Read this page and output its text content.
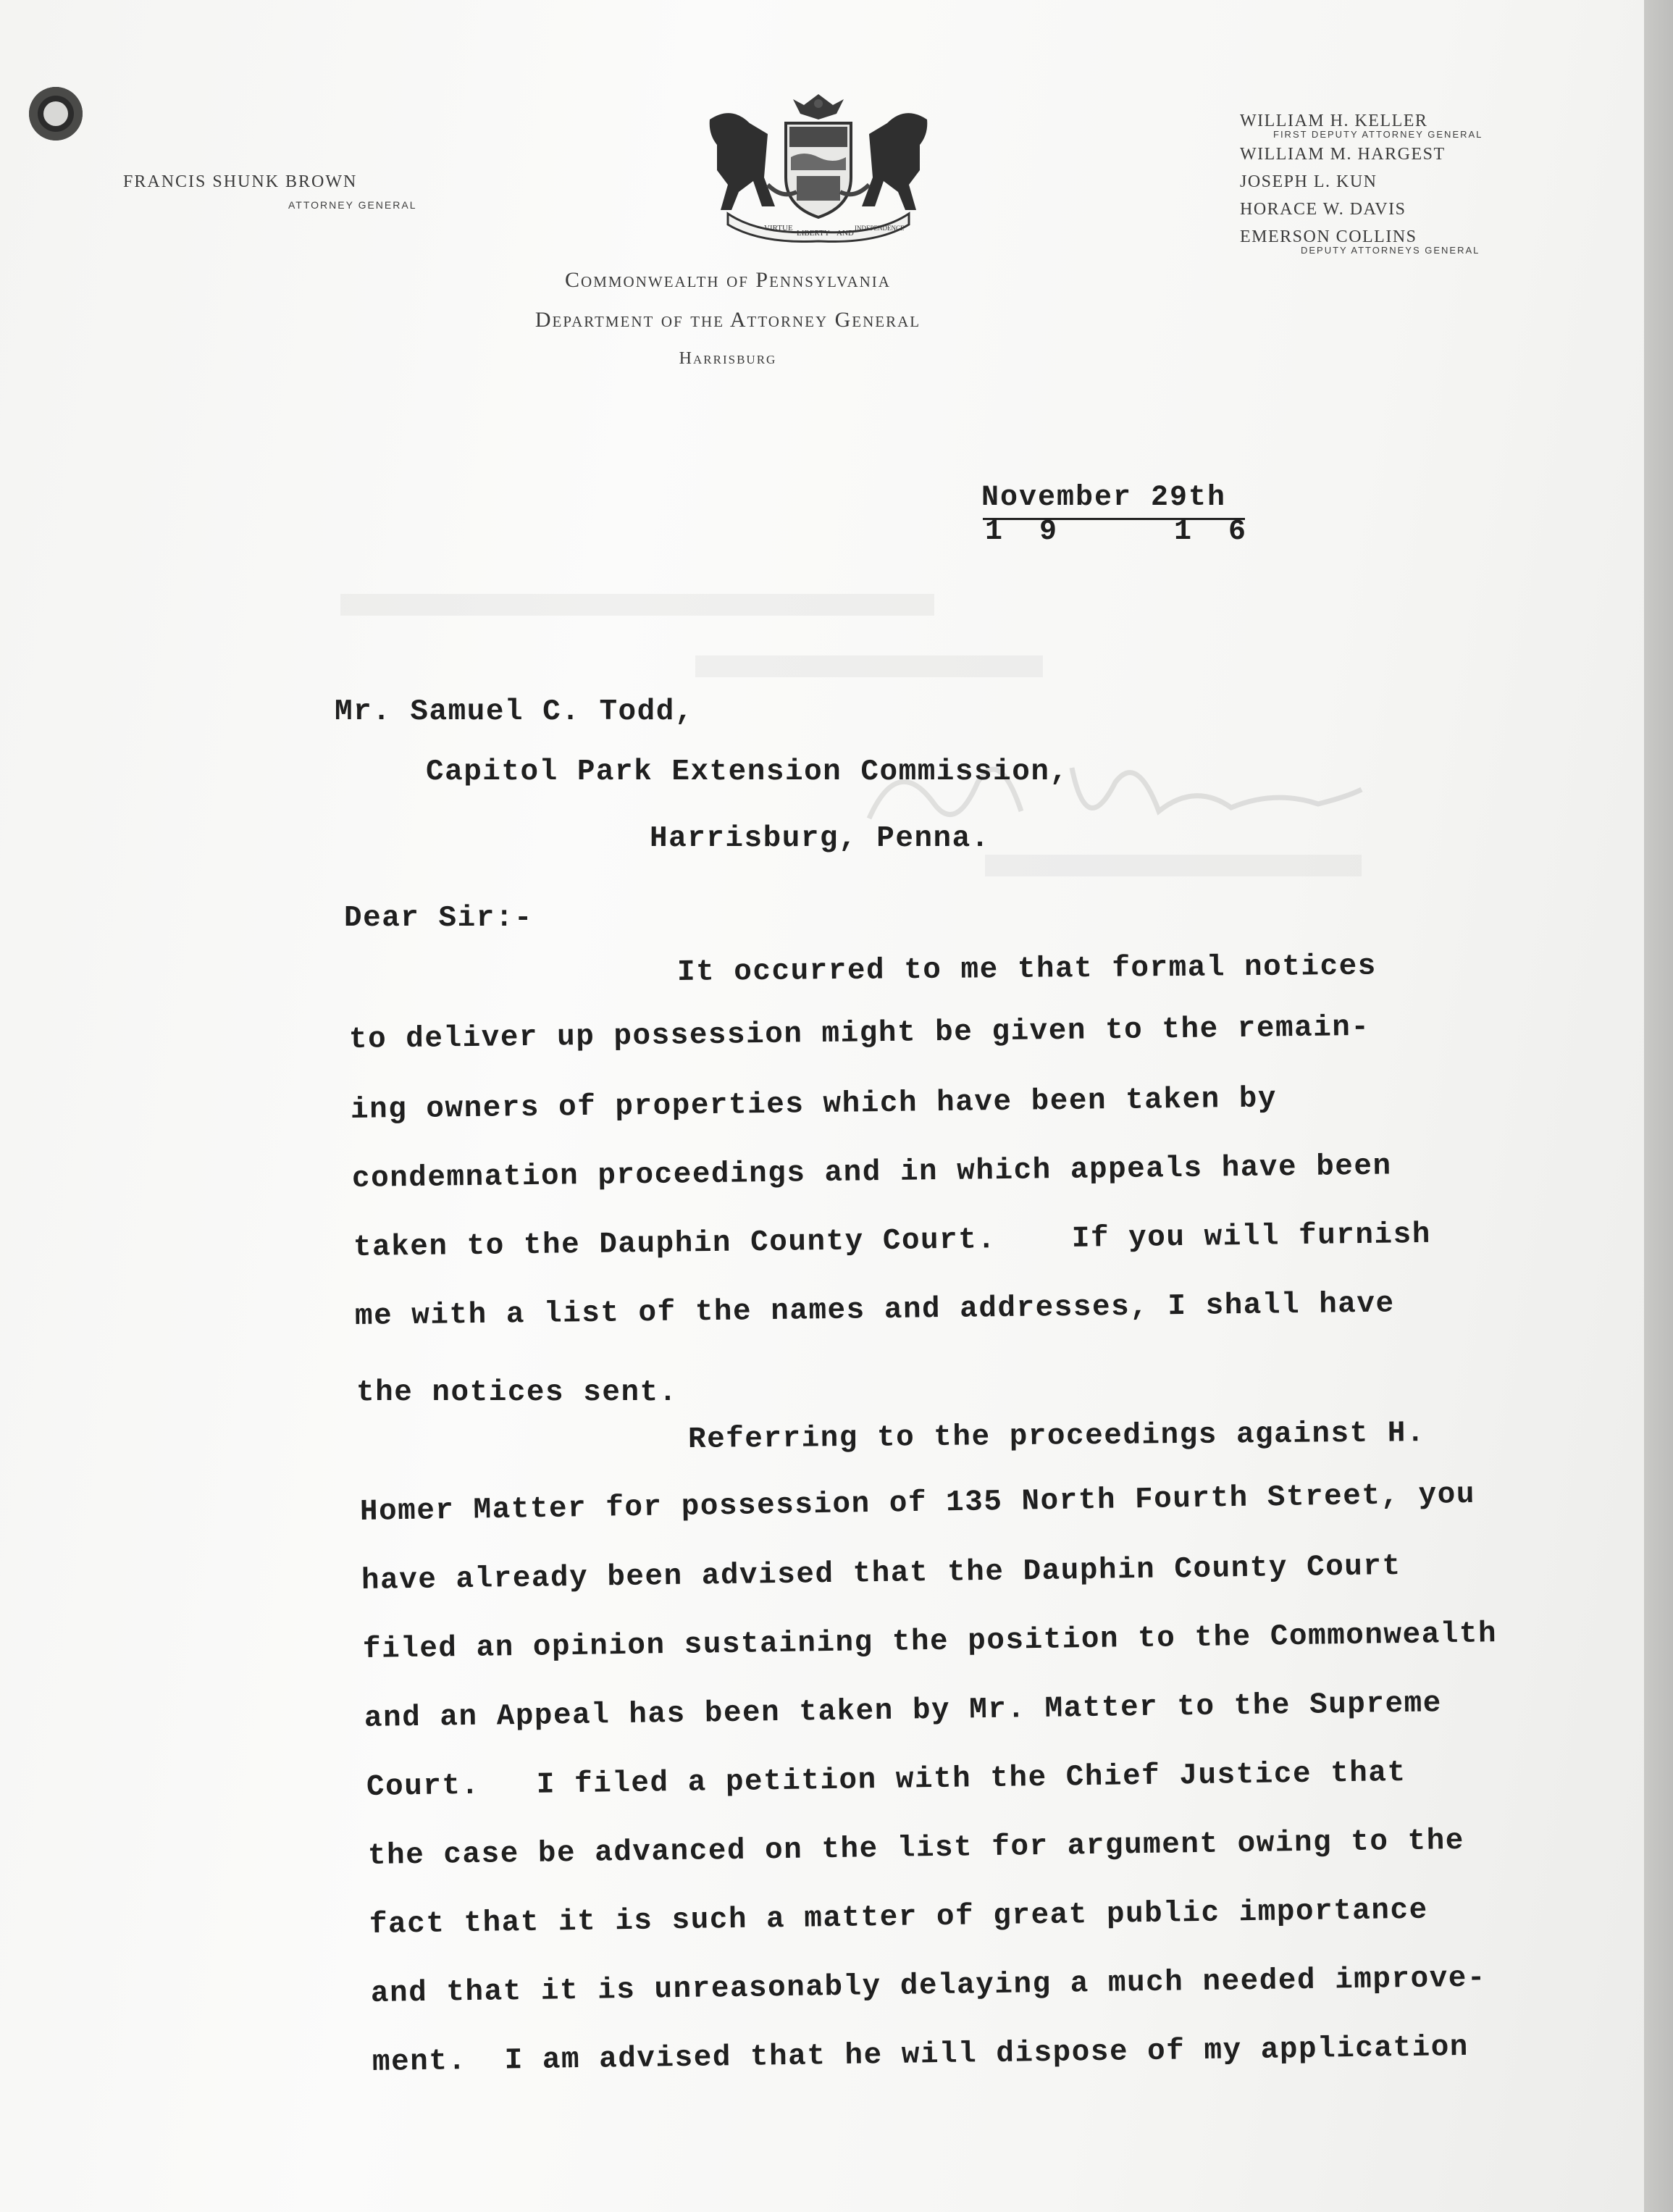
FRANCIS SHUNK BROWN
ATTORNEY GENERAL
VIRTUE
LIBERTY AND
INDEPENDENCE
WILLIAM H. KELLER
FIRST DEPUTY ATTORNEY GENERAL
WILLIAM M. HARGEST
JOSEPH L. KUN
HORACE W. DAVIS
EMERSON COLLINS
DEPUTY ATTORNEYS GENERAL
Commonwealth of Pennsylvania
Department of the Attorney General
Harrisburg
November 29th
1 9	1 6
Mr. Samuel C. Todd,
Capitol Park Extension Commission,
Harrisburg, Penna.
Dear Sir:-
It occurred to me that formal notices
to deliver up possession might be given to the remain-
ing owners of properties which have been taken by
condemnation proceedings and in which appeals have been
taken to the Dauphin County Court.    If you will furnish
me with a list of the names and addresses, I shall have
the notices sent.
Referring to the proceedings against H.
Homer Matter for possession of 135 North Fourth Street, you
have already been advised that the Dauphin County Court
filed an opinion sustaining the position to the Commonwealth
and an Appeal has been taken by Mr. Matter to the Supreme
Court.   I filed a petition with the Chief Justice that
the case be advanced on the list for argument owing to the
fact that it is such a matter of great public importance
and that it is unreasonably delaying a much needed improve-
ment.  I am advised that he will dispose of my application
